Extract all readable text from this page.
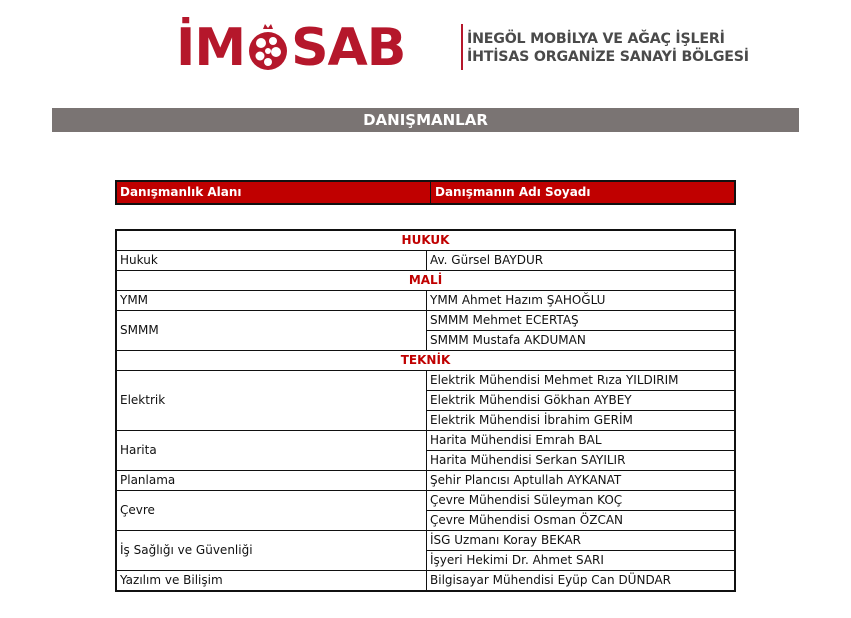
İM SAB	İNEGÖL MOBİLYA VE AĞAÇ İŞLERİ
İHTİSAS ORGANİZE SANAYİ BÖLGESİ
DANIŞMANLAR
Danışmanlık Alanı	Danışmanın Adı Soyadı
HUKUK	
Hukuk	Av. Gürsel BAYDUR
MALİ	
YMM	YMM Ahmet Hazım ŞAHOĞLU
SMMM	SMMM Mehmet ECERTAŞ
	SMMM Mustafa AKDUMAN
TEKNİK	
Elektrik	Elektrik Mühendisi Mehmet Rıza YILDIRIM
	Elektrik Mühendisi Gökhan AYBEY
	Elektrik Mühendisi İbrahim GERİM
Harita	Harita Mühendisi Emrah BAL
	Harita Mühendisi Serkan SAYILIR
Planlama	Şehir Plancısı Aptullah AYKANAT
Çevre	Çevre Mühendisi Süleyman KOÇ
	Çevre Mühendisi Osman ÖZCAN
İş Sağlığı ve Güvenliği	İSG Uzmanı Koray BEKAR
	İşyeri Hekimi Dr. Ahmet SARI
Yazılım ve Bilişim	Bilgisayar Mühendisi Eyüp Can DÜNDAR
